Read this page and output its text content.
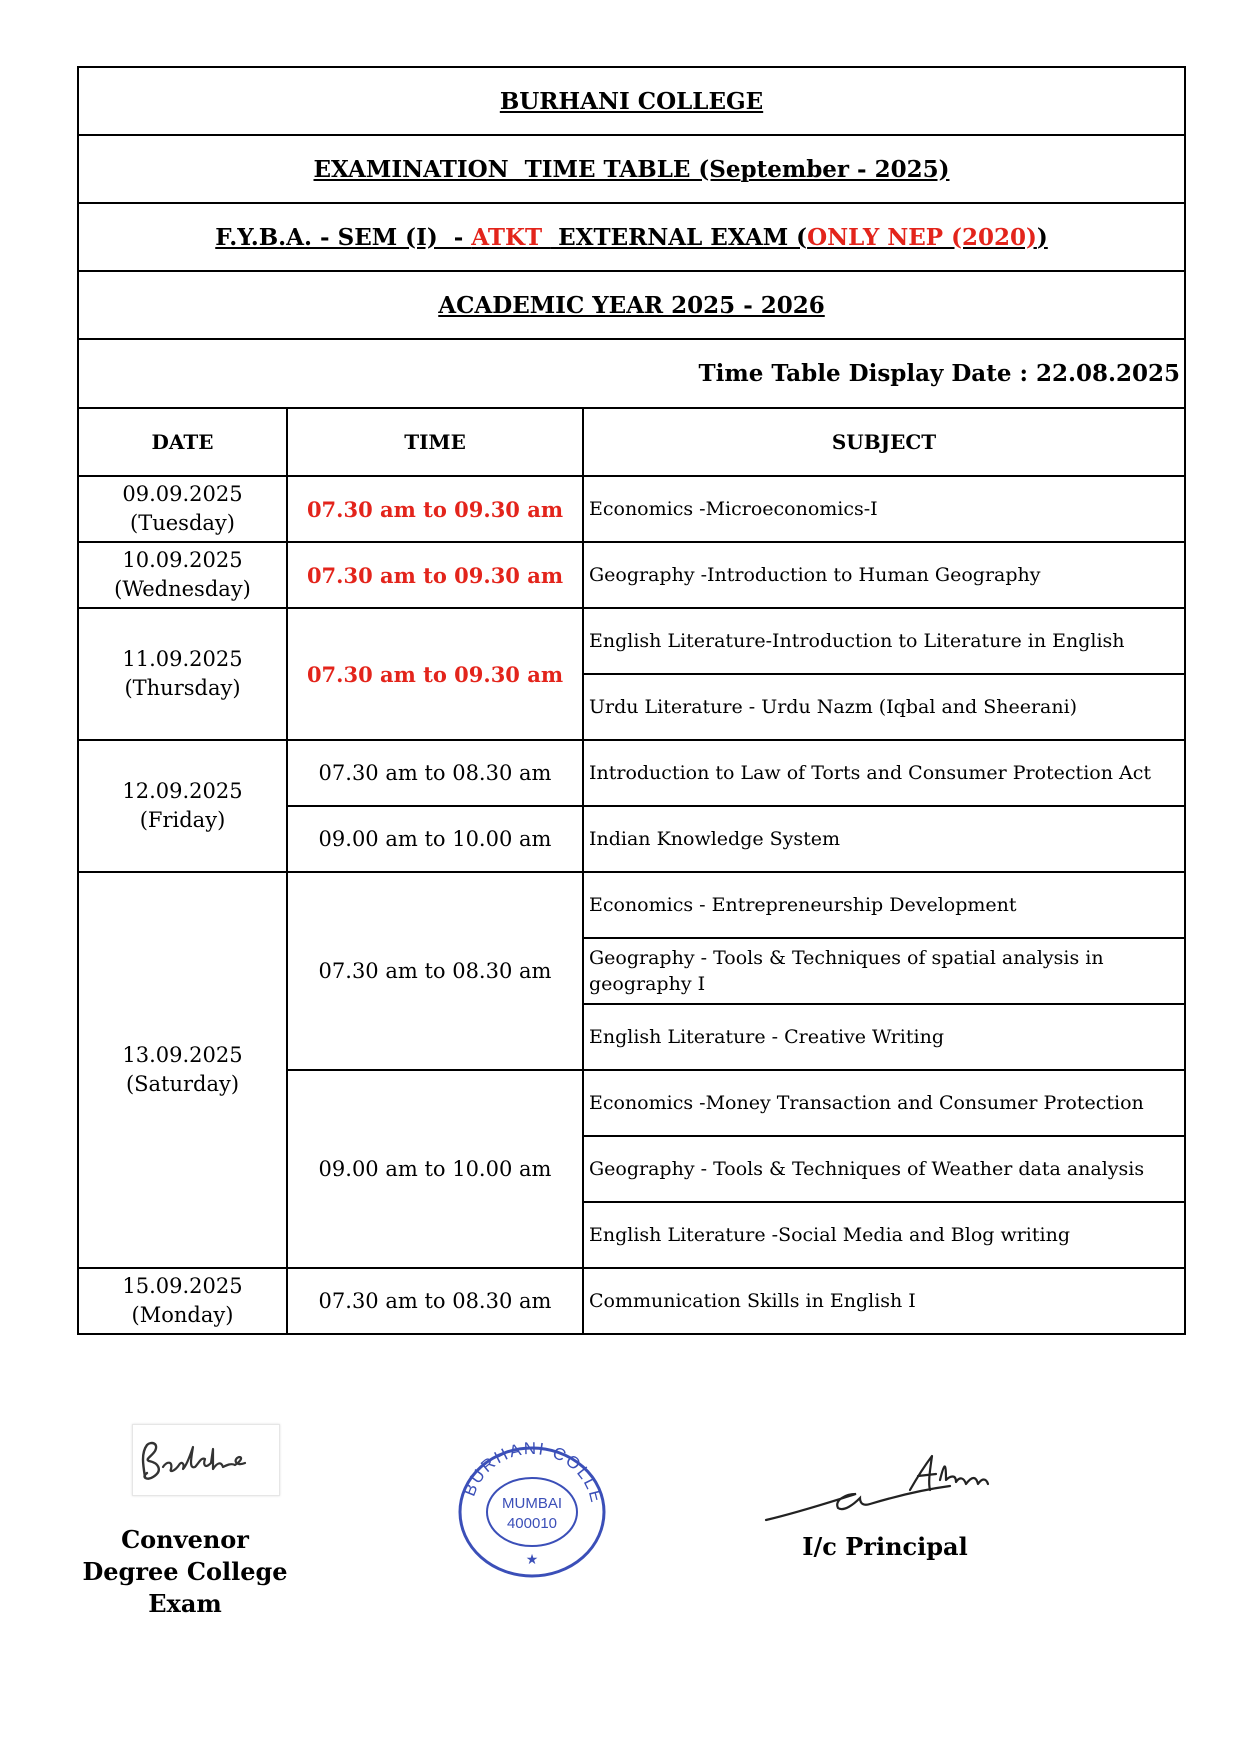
BURHANI COLLEGE		
EXAMINATION  TIME TABLE (September - 2025)		
F.Y.B.A. - SEM (I)  - ATKT  EXTERNAL EXAM (ONLY NEP (2020))		
ACADEMIC YEAR 2025 - 2026		
Time Table Display Date : 22.08.2025		
DATE	TIME	SUBJECT

09.09.2025
(Tuesday)	07.30 am to 09.30 am	Economics -Microeconomics-I

10.09.2025
(Wednesday)	07.30 am to 09.30 am	Geography -Introduction to Human Geography

11.09.2025
(Thursday)	07.30 am to 09.30 am	English Literature-Introduction to Literature in English
		Urdu Literature - Urdu Nazm (Iqbal and Sheerani)

12.09.2025
(Friday)	07.30 am to 08.30 am	Introduction to Law of Torts and Consumer Protection Act
	09.00 am to 10.00 am	Indian Knowledge System

13.09.2025
(Saturday)	07.30 am to 08.30 am	Economics - Entrepreneurship Development
		Geography - Tools & Techniques of spatial analysis in geography I
		English Literature - Creative Writing
	09.00 am to 10.00 am	Economics -Money Transaction and Consumer Protection
		Geography - Tools & Techniques of Weather data analysis
		English Literature -Social Media and Blog writing

15.09.2025
(Monday)	07.30 am to 08.30 am	Communication Skills in English I
Convenor
Degree College
Exam
BURHANI COLLE
MUMBAI
400010
★	I/c Principal
